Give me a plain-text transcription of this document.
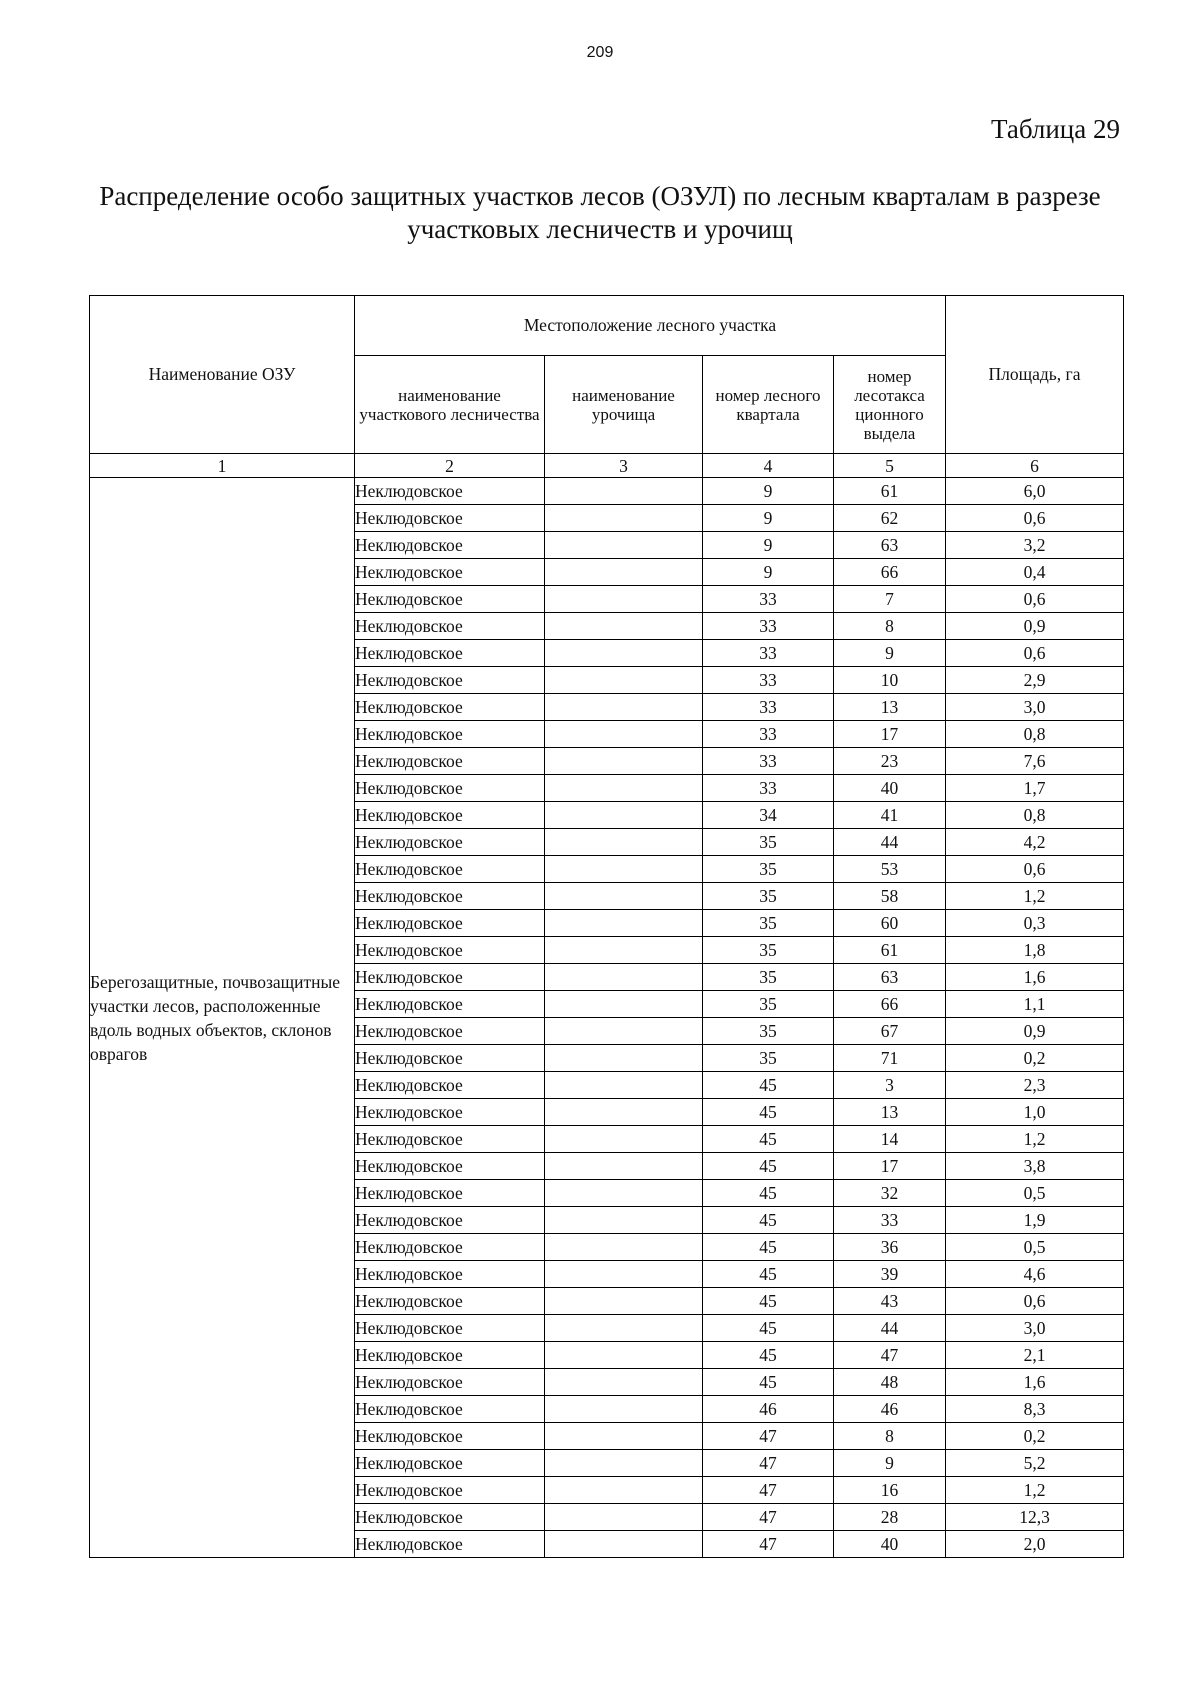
209
Таблица 29
Распределение особо защитных участков лесов (ОЗУЛ) по лесным кварталам в разрезе участковых лесничеств и урочищ
Наименование ОЗУ	Местоположение лесного участка				Площадь, га
	наименование участкового лесничества	наименование урочища	номер лесного квартала	номер лесотакса ционного выдела	
1	2	3	4	5	6
Берегозащитные, почвозащитные участки лесов, расположенные вдоль водных объектов, склонов оврагов	Неклюдовское		9	61	6,0
	Неклюдовское		9	62	0,6
	Неклюдовское		9	63	3,2
	Неклюдовское		9	66	0,4
	Неклюдовское		33	7	0,6
	Неклюдовское		33	8	0,9
	Неклюдовское		33	9	0,6
	Неклюдовское		33	10	2,9
	Неклюдовское		33	13	3,0
	Неклюдовское		33	17	0,8
	Неклюдовское		33	23	7,6
	Неклюдовское		33	40	1,7
	Неклюдовское		34	41	0,8
	Неклюдовское		35	44	4,2
	Неклюдовское		35	53	0,6
	Неклюдовское		35	58	1,2
	Неклюдовское		35	60	0,3
	Неклюдовское		35	61	1,8
	Неклюдовское		35	63	1,6
	Неклюдовское		35	66	1,1
	Неклюдовское		35	67	0,9
	Неклюдовское		35	71	0,2
	Неклюдовское		45	3	2,3
	Неклюдовское		45	13	1,0
	Неклюдовское		45	14	1,2
	Неклюдовское		45	17	3,8
	Неклюдовское		45	32	0,5
	Неклюдовское		45	33	1,9
	Неклюдовское		45	36	0,5
	Неклюдовское		45	39	4,6
	Неклюдовское		45	43	0,6
	Неклюдовское		45	44	3,0
	Неклюдовское		45	47	2,1
	Неклюдовское		45	48	1,6
	Неклюдовское		46	46	8,3
	Неклюдовское		47	8	0,2
	Неклюдовское		47	9	5,2
	Неклюдовское		47	16	1,2
	Неклюдовское		47	28	12,3
	Неклюдовское		47	40	2,0
